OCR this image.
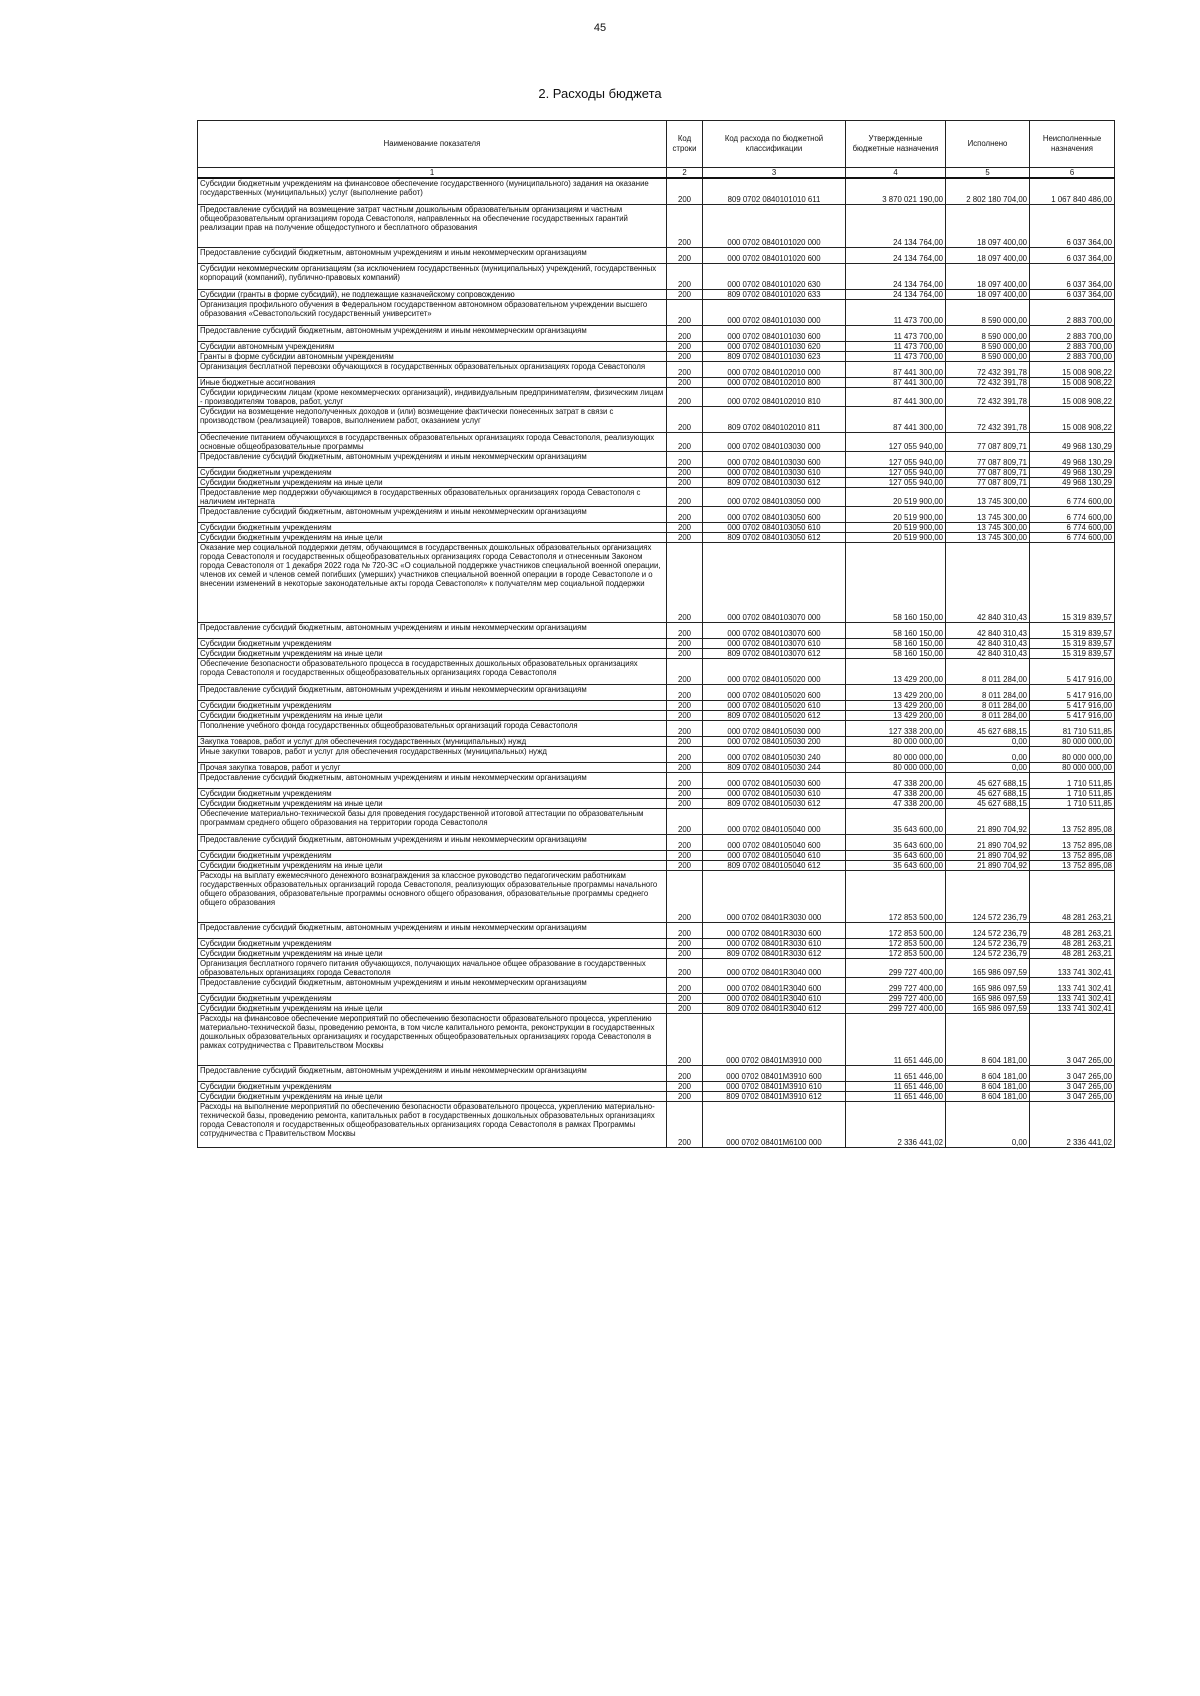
45
2. Расходы бюджета
Наименование показателя	Код строки	Код расхода по бюджетной классификации	Утвержденные бюджетные назначения	Исполнено	Неисполненные назначения
1	2	3	4	5	6
Субсидии бюджетным учреждениям на финансовое обеспечение государственного (муниципального) задания на оказание государственных (муниципальных) услуг (выполнение работ)	200	809 0702 0840101010 611	3 870 021 190,00	2 802 180 704,00	1 067 840 486,00
Предоставление субсидий на возмещение затрат частным дошкольным образовательным организациям и частным общеобразовательным организациям города Севастополя, направленных на обеспечение государственных гарантий реализации прав на получение общедоступного и бесплатного образования	200	000 0702 0840101020 000	24 134 764,00	18 097 400,00	6 037 364,00
Предоставление субсидий бюджетным, автономным учреждениям и иным некоммерческим организациям	200	000 0702 0840101020 600	24 134 764,00	18 097 400,00	6 037 364,00
Субсидии некоммерческим организациям (за исключением государственных (муниципальных) учреждений, государственных корпораций (компаний), публично-правовых компаний)	200	000 0702 0840101020 630	24 134 764,00	18 097 400,00	6 037 364,00
Субсидии (гранты в форме субсидий), не подлежащие казначейскому сопровождению	200	809 0702 0840101020 633	24 134 764,00	18 097 400,00	6 037 364,00
Организация профильного обучения в Федеральном государственном автономном образовательном учреждении высшего образования «Севастопольский государственный университет»	200	000 0702 0840101030 000	11 473 700,00	8 590 000,00	2 883 700,00
Предоставление субсидий бюджетным, автономным учреждениям и иным некоммерческим организациям	200	000 0702 0840101030 600	11 473 700,00	8 590 000,00	2 883 700,00
Субсидии автономным учреждениям	200	000 0702 0840101030 620	11 473 700,00	8 590 000,00	2 883 700,00
Гранты в форме субсидии автономным учреждениям	200	809 0702 0840101030 623	11 473 700,00	8 590 000,00	2 883 700,00
Организация бесплатной перевозки обучающихся в государственных образовательных организациях города Севастополя	200	000 0702 0840102010 000	87 441 300,00	72 432 391,78	15 008 908,22
Иные бюджетные ассигнования	200	000 0702 0840102010 800	87 441 300,00	72 432 391,78	15 008 908,22
Субсидии юридическим лицам (кроме некоммерческих организаций), индивидуальным предпринимателям, физическим лицам - производителям товаров, работ, услуг	200	000 0702 0840102010 810	87 441 300,00	72 432 391,78	15 008 908,22
Субсидии на возмещение недополученных доходов и (или) возмещение фактически понесенных затрат в связи с производством (реализацией) товаров, выполнением работ, оказанием услуг	200	809 0702 0840102010 811	87 441 300,00	72 432 391,78	15 008 908,22
Обеспечение питанием обучающихся в государственных образовательных организациях города Севастополя, реализующих основные общеобразовательные программы	200	000 0702 0840103030 000	127 055 940,00	77 087 809,71	49 968 130,29
Предоставление субсидий бюджетным, автономным учреждениям и иным некоммерческим организациям	200	000 0702 0840103030 600	127 055 940,00	77 087 809,71	49 968 130,29
Субсидии бюджетным учреждениям	200	000 0702 0840103030 610	127 055 940,00	77 087 809,71	49 968 130,29
Субсидии бюджетным учреждениям на иные цели	200	809 0702 0840103030 612	127 055 940,00	77 087 809,71	49 968 130,29
Предоставление мер поддержки обучающимся в государственных образовательных организациях города Севастополя с наличием интерната	200	000 0702 0840103050 000	20 519 900,00	13 745 300,00	6 774 600,00
Предоставление субсидий бюджетным, автономным учреждениям и иным некоммерческим организациям	200	000 0702 0840103050 600	20 519 900,00	13 745 300,00	6 774 600,00
Субсидии бюджетным учреждениям	200	000 0702 0840103050 610	20 519 900,00	13 745 300,00	6 774 600,00
Субсидии бюджетным учреждениям на иные цели	200	809 0702 0840103050 612	20 519 900,00	13 745 300,00	6 774 600,00
Оказание мер социальной поддержки детям, обучающимся в государственных дошкольных образовательных организациях города Севастополя и государственных общеобразовательных организациях города Севастополя и отнесенным Законом города Севастополя от 1 декабря 2022 года № 720-ЗС «О социальной поддержке участников специальной военной операции, членов их семей и членов семей погибших (умерших) участников специальной военной операции в городе Севастополе и о внесении изменений в некоторые законодательные акты города Севастополя» к получателям мер социальной поддержки	200	000 0702 0840103070 000	58 160 150,00	42 840 310,43	15 319 839,57
Предоставление субсидий бюджетным, автономным учреждениям и иным некоммерческим организациям	200	000 0702 0840103070 600	58 160 150,00	42 840 310,43	15 319 839,57
Субсидии бюджетным учреждениям	200	000 0702 0840103070 610	58 160 150,00	42 840 310,43	15 319 839,57
Субсидии бюджетным учреждениям на иные цели	200	809 0702 0840103070 612	58 160 150,00	42 840 310,43	15 319 839,57
Обеспечение безопасности образовательного процесса в государственных дошкольных образовательных организациях города Севастополя и государственных общеобразовательных организациях города Севастополя	200	000 0702 0840105020 000	13 429 200,00	8 011 284,00	5 417 916,00
Предоставление субсидий бюджетным, автономным учреждениям и иным некоммерческим организациям	200	000 0702 0840105020 600	13 429 200,00	8 011 284,00	5 417 916,00
Субсидии бюджетным учреждениям	200	000 0702 0840105020 610	13 429 200,00	8 011 284,00	5 417 916,00
Субсидии бюджетным учреждениям на иные цели	200	809 0702 0840105020 612	13 429 200,00	8 011 284,00	5 417 916,00
Пополнение учебного фонда государственных общеобразовательных организаций города Севастополя	200	000 0702 0840105030 000	127 338 200,00	45 627 688,15	81 710 511,85
Закупка товаров, работ и услуг для обеспечения государственных (муниципальных) нужд	200	000 0702 0840105030 200	80 000 000,00	0,00	80 000 000,00
Иные закупки товаров, работ и услуг для обеспечения государственных (муниципальных) нужд	200	000 0702 0840105030 240	80 000 000,00	0,00	80 000 000,00
Прочая закупка товаров, работ и услуг	200	809 0702 0840105030 244	80 000 000,00	0,00	80 000 000,00
Предоставление субсидий бюджетным, автономным учреждениям и иным некоммерческим организациям	200	000 0702 0840105030 600	47 338 200,00	45 627 688,15	1 710 511,85
Субсидии бюджетным учреждениям	200	000 0702 0840105030 610	47 338 200,00	45 627 688,15	1 710 511,85
Субсидии бюджетным учреждениям на иные цели	200	809 0702 0840105030 612	47 338 200,00	45 627 688,15	1 710 511,85
Обеспечение материально-технической базы для проведения государственной итоговой аттестации по образовательным программам среднего общего образования на территории города Севастополя	200	000 0702 0840105040 000	35 643 600,00	21 890 704,92	13 752 895,08
Предоставление субсидий бюджетным, автономным учреждениям и иным некоммерческим организациям	200	000 0702 0840105040 600	35 643 600,00	21 890 704,92	13 752 895,08
Субсидии бюджетным учреждениям	200	000 0702 0840105040 610	35 643 600,00	21 890 704,92	13 752 895,08
Субсидии бюджетным учреждениям на иные цели	200	809 0702 0840105040 612	35 643 600,00	21 890 704,92	13 752 895,08
Расходы на выплату ежемесячного денежного вознаграждения за классное руководство педагогическим работникам государственных образовательных организаций города Севастополя, реализующих образовательные программы начального общего образования, образовательные программы основного общего образования, образовательные программы среднего общего образования	200	000 0702 08401R3030 000	172 853 500,00	124 572 236,79	48 281 263,21
Предоставление субсидий бюджетным, автономным учреждениям и иным некоммерческим организациям	200	000 0702 08401R3030 600	172 853 500,00	124 572 236,79	48 281 263,21
Субсидии бюджетным учреждениям	200	000 0702 08401R3030 610	172 853 500,00	124 572 236,79	48 281 263,21
Субсидии бюджетным учреждениям на иные цели	200	809 0702 08401R3030 612	172 853 500,00	124 572 236,79	48 281 263,21
Организация бесплатного горячего питания обучающихся, получающих начальное общее образование в государственных образовательных организациях города Севастополя	200	000 0702 08401R3040 000	299 727 400,00	165 986 097,59	133 741 302,41
Предоставление субсидий бюджетным, автономным учреждениям и иным некоммерческим организациям	200	000 0702 08401R3040 600	299 727 400,00	165 986 097,59	133 741 302,41
Субсидии бюджетным учреждениям	200	000 0702 08401R3040 610	299 727 400,00	165 986 097,59	133 741 302,41
Субсидии бюджетным учреждениям на иные цели	200	809 0702 08401R3040 612	299 727 400,00	165 986 097,59	133 741 302,41
Расходы на финансовое обеспечение мероприятий по обеспечению безопасности образовательного процесса, укреплению материально-технической базы, проведению ремонта, в том числе капитального ремонта, реконструкции в государственных дошкольных образовательных организациях и государственных общеобразовательных организациях города Севастополя в рамках сотрудничества с Правительством Москвы	200	000 0702 08401M3910 000	11 651 446,00	8 604 181,00	3 047 265,00
Предоставление субсидий бюджетным, автономным учреждениям и иным некоммерческим организациям	200	000 0702 08401M3910 600	11 651 446,00	8 604 181,00	3 047 265,00
Субсидии бюджетным учреждениям	200	000 0702 08401M3910 610	11 651 446,00	8 604 181,00	3 047 265,00
Субсидии бюджетным учреждениям на иные цели	200	809 0702 08401M3910 612	11 651 446,00	8 604 181,00	3 047 265,00
Расходы на выполнение мероприятий по обеспечению безопасности образовательного процесса, укреплению материально-технической базы, проведению ремонта, капитальных работ в государственных дошкольных образовательных организациях города Севастополя и государственных общеобразовательных организациях города Севастополя в рамках Программы сотрудничества с Правительством Москвы	200	000 0702 08401M6100 000	2 336 441,02	0,00	2 336 441,02
